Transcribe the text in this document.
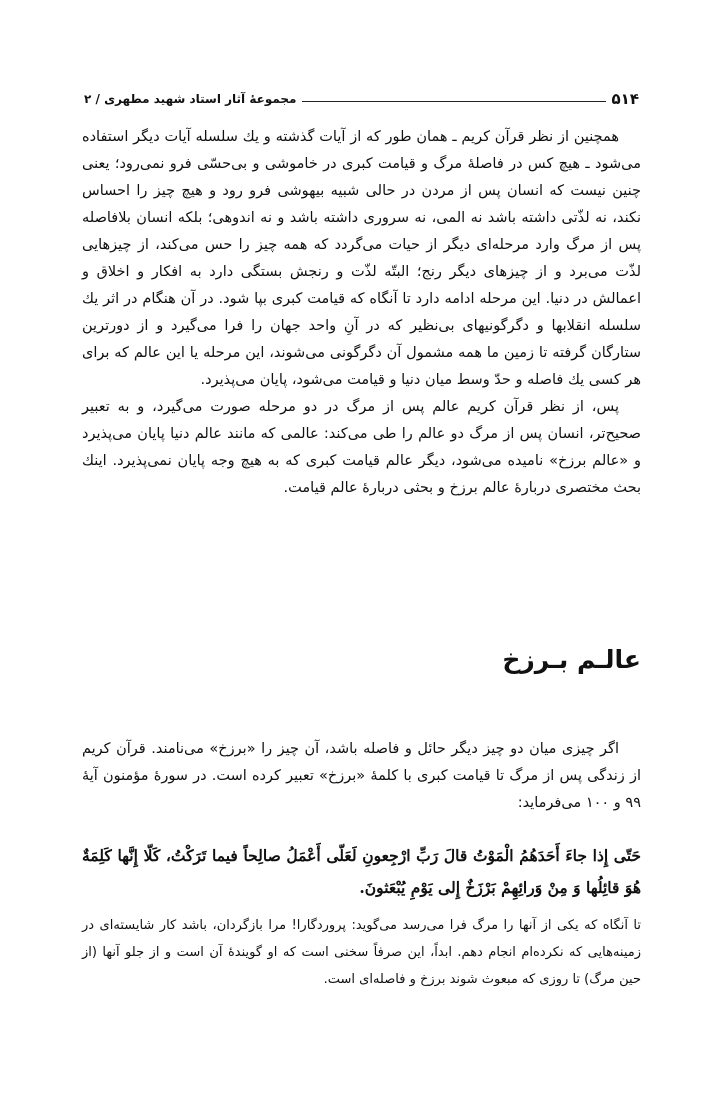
۵۱۴
مجموعهٔ آثار استاد شهید مطهری / ۲

همچنین از نظر قرآن کریم ـ همان طور که از آیات گذشته و یك سلسله آیات دیگر استفاده می‌شود ـ هیچ کس در فاصلهٔ مرگ و قیامت کبری در خاموشی و بی‌حسّی فرو نمی‌رود؛ یعنی چنین نیست که انسان پس از مردن در حالی شبیه بیهوشی فرو رود و هیچ چیز را احساس نکند، نه لذّتی داشته باشد نه المی، نه سروری داشته باشد و نه اندوهی؛ بلکه انسان بلافاصله پس از مرگ وارد مرحله‌ای دیگر از حیات می‌گردد که همه چیز را حس می‌کند، از چیزهایی لذّت می‌برد و از چیزهای دیگر رنج؛ البتّه لذّت و رنجش بستگی دارد به افکار و اخلاق و اعمالش در دنیا. این مرحله ادامه دارد تا آنگاه که قیامت کبری بپا شود. در آن هنگام در اثر یك سلسله انقلابها و دگرگونیهای بی‌نظیر که در آنِ واحد جهان را فرا می‌گیرد و از دورترین ستارگان گرفته تا زمین ما همه مشمول آن دگرگونی می‌شوند، این مرحله یا این عالم که برای هر کسی یك فاصله و حدّ وسط میان دنیا و قیامت می‌شود، پایان می‌پذیرد.

پس، از نظر قرآن کریم عالم پس از مرگ در دو مرحله صورت می‌گیرد، و به تعبیر صحیح‌تر، انسان پس از مرگ دو عالم را طی می‌کند: عالمی که مانند عالم دنیا پایان می‌پذیرد و «عالم برزخ» نامیده می‌شود، دیگر عالم قیامت کبری که به هیچ وجه پایان نمی‌پذیرد. اینك بحث مختصری دربارهٔ عالم برزخ و بحثی دربارهٔ عالم قیامت.

عالـم بـرزخ

اگر چیزی میان دو چیز دیگر حائل و فاصله باشد، آن چیز را «برزخ» می‌نامند. قرآن کریم از زندگی پس از مرگ تا قیامت کبری با کلمهٔ «برزخ» تعبیر کرده است. در سورهٔ مؤمنون آیهٔ ۹۹ و ۱۰۰ می‌فرماید:

حَتّی إِذا جاءَ أَحَدَهُمُ الْمَوْتُ قالَ رَبِّ ارْجِعونِ لَعَلّی أَعْمَلُ صالِحاً فیما تَرَکْتُ، کَلّا إِنَّها کَلِمَةٌ هُوَ قائِلُها وَ مِنْ وَرائِهِمْ بَرْزَخٌ إِلی یَوْمِ یُبْعَثونَ.

تا آنگاه که یکی از آنها را مرگ فرا می‌رسد می‌گوید: پروردگارا! مرا بازگردان، باشد کار شایسته‌ای در زمینه‌هایی که نکرده‌ام انجام دهم. ابداً، این صرفاً سخنی است که او گویندهٔ آن است و از جلو آنها (از حین مرگ) تا روزی که مبعوث شوند برزخ و فاصله‌ای است.
